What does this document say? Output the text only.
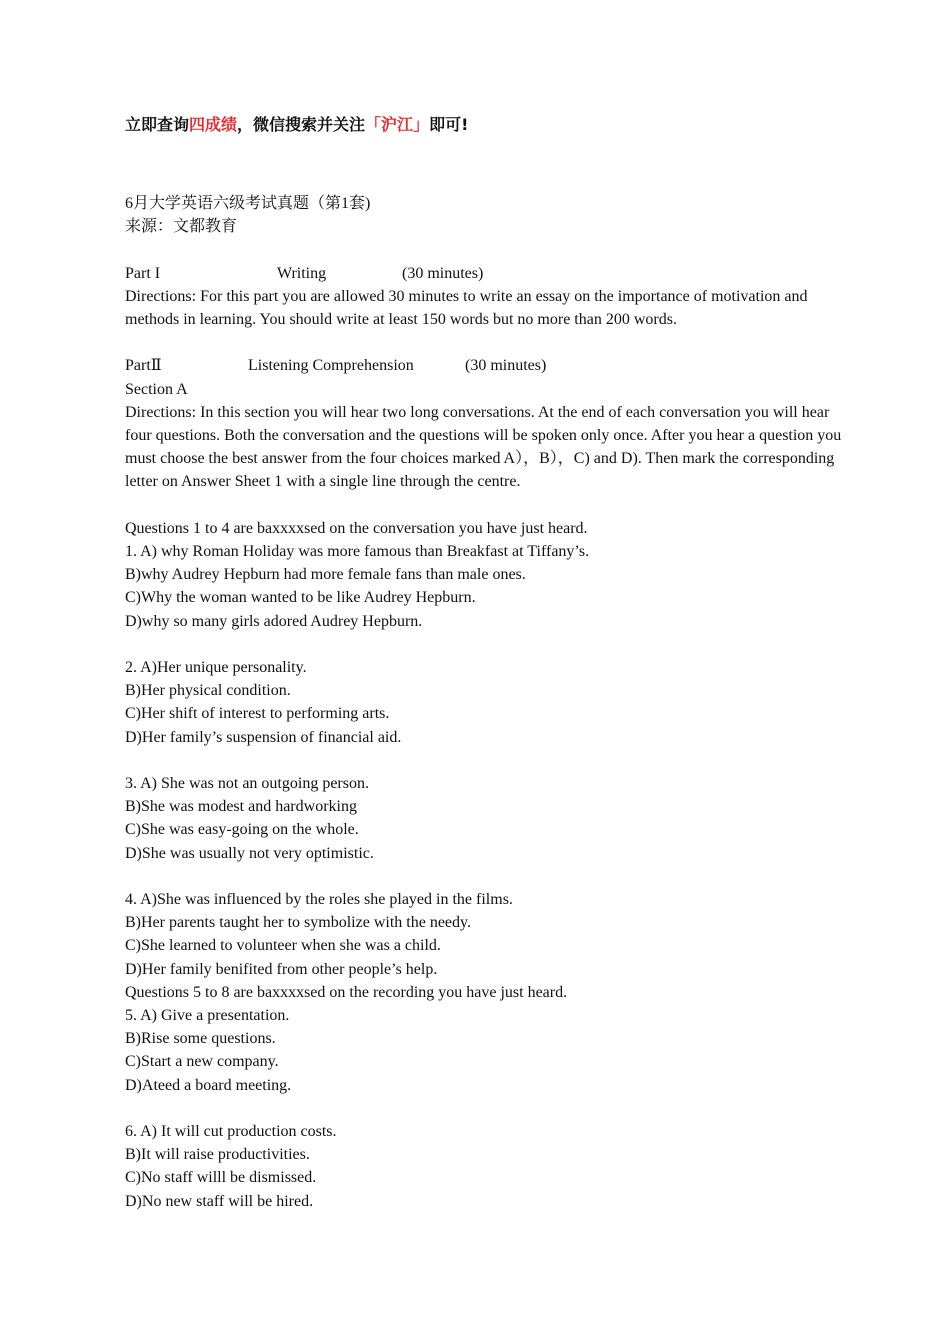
立即查询四成绩，微信搜索并关注「沪江」即可!
6月大学英语六级考试真题（第1套)
来源：文都教育
Part I	Writing	(30 minutes)
Directions: For this part you are allowed 30 minutes to write an essay on the importance of motivation and methods in learning. You should write at least 150 words but no more than 200 words.
PartⅡ	Listening Comprehension	(30 minutes)
Section A
Directions: In this section you will hear two long conversations. At the end of each conversation you will hear four questions. Both the conversation and the questions will be spoken only once. After you hear a question you must choose the best answer from the four choices marked A），B），C) and D). Then mark the corresponding letter on Answer Sheet 1 with a single line through the centre.
Questions 1 to 4 are baxxxxsed on the conversation you have just heard.
1. A) why Roman Holiday was more famous than Breakfast at Tiffany’s.
B)why Audrey Hepburn had more female fans than male ones.
C)Why the woman wanted to be like Audrey Hepburn.
D)why so many girls adored Audrey Hepburn.
2. A)Her unique personality.
B)Her physical condition.
C)Her shift of interest to performing arts.
D)Her family’s suspension of financial aid.
3. A) She was not an outgoing person.
B)She was modest and hardworking
C)She was easy-going on the whole.
D)She was usually not very optimistic.
4. A)She was influenced by the roles she played in the films.
B)Her parents taught her to symbolize with the needy.
C)She learned to volunteer when she was a child.
D)Her family benifited from other people’s help.
Questions 5 to 8 are baxxxxsed on the recording you have just heard.
5. A) Give a presentation.
B)Rise some questions.
C)Start a new company.
D)Ateed a board meeting.
6. A) It will cut production costs.
B)It will raise productivities.
C)No staff willl be dismissed.
D)No new staff will be hired.
